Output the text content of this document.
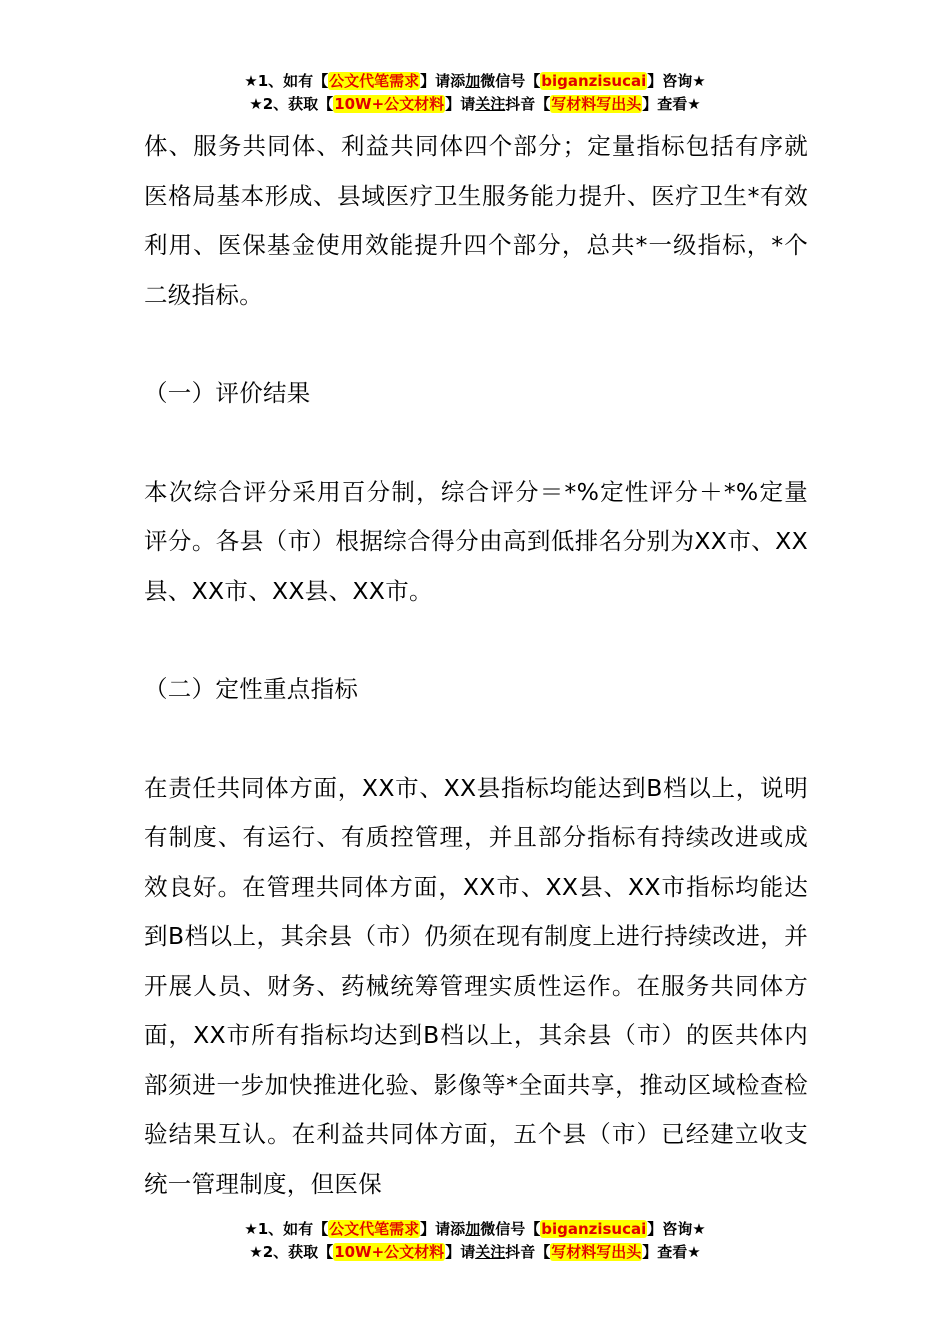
★1、如有【公文代笔需求】请添加微信号【biganzisucai】咨询★
★2、获取【10W+公文材料】请关注抖音【写材料写出头】查看★

体、服务共同体、利益共同体四个部分；定量指标包括有序就医格局基本形成、县域医疗卫生服务能力提升、医疗卫生*有效利用、医保基金使用效能提升四个部分，总共*一级指标，*个二级指标。

（一）评价结果

本次综合评分采用百分制，综合评分＝*%定性评分＋*%定量评分。各县（市）根据综合得分由高到低排名分别为XX市、XX县、XX市、XX县、XX市。

（二）定性重点指标

在责任共同体方面，XX市、XX县指标均能达到B档以上，说明有制度、有运行、有质控管理，并且部分指标有持续改进或成效良好。在管理共同体方面，XX市、XX县、XX市指标均能达到B档以上，其余县（市）仍须在现有制度上进行持续改进，并开展人员、财务、药械统筹管理实质性运作。在服务共同体方面，XX市所有指标均达到B档以上，其余县（市）的医共体内部须进一步加快推进化验、影像等*全面共享，推动区域检查检验结果互认。在利益共同体方面，五个县（市）已经建立收支统一管理制度，但医保

★1、如有【公文代笔需求】请添加微信号【biganzisucai】咨询★
★2、获取【10W+公文材料】请关注抖音【写材料写出头】查看★
